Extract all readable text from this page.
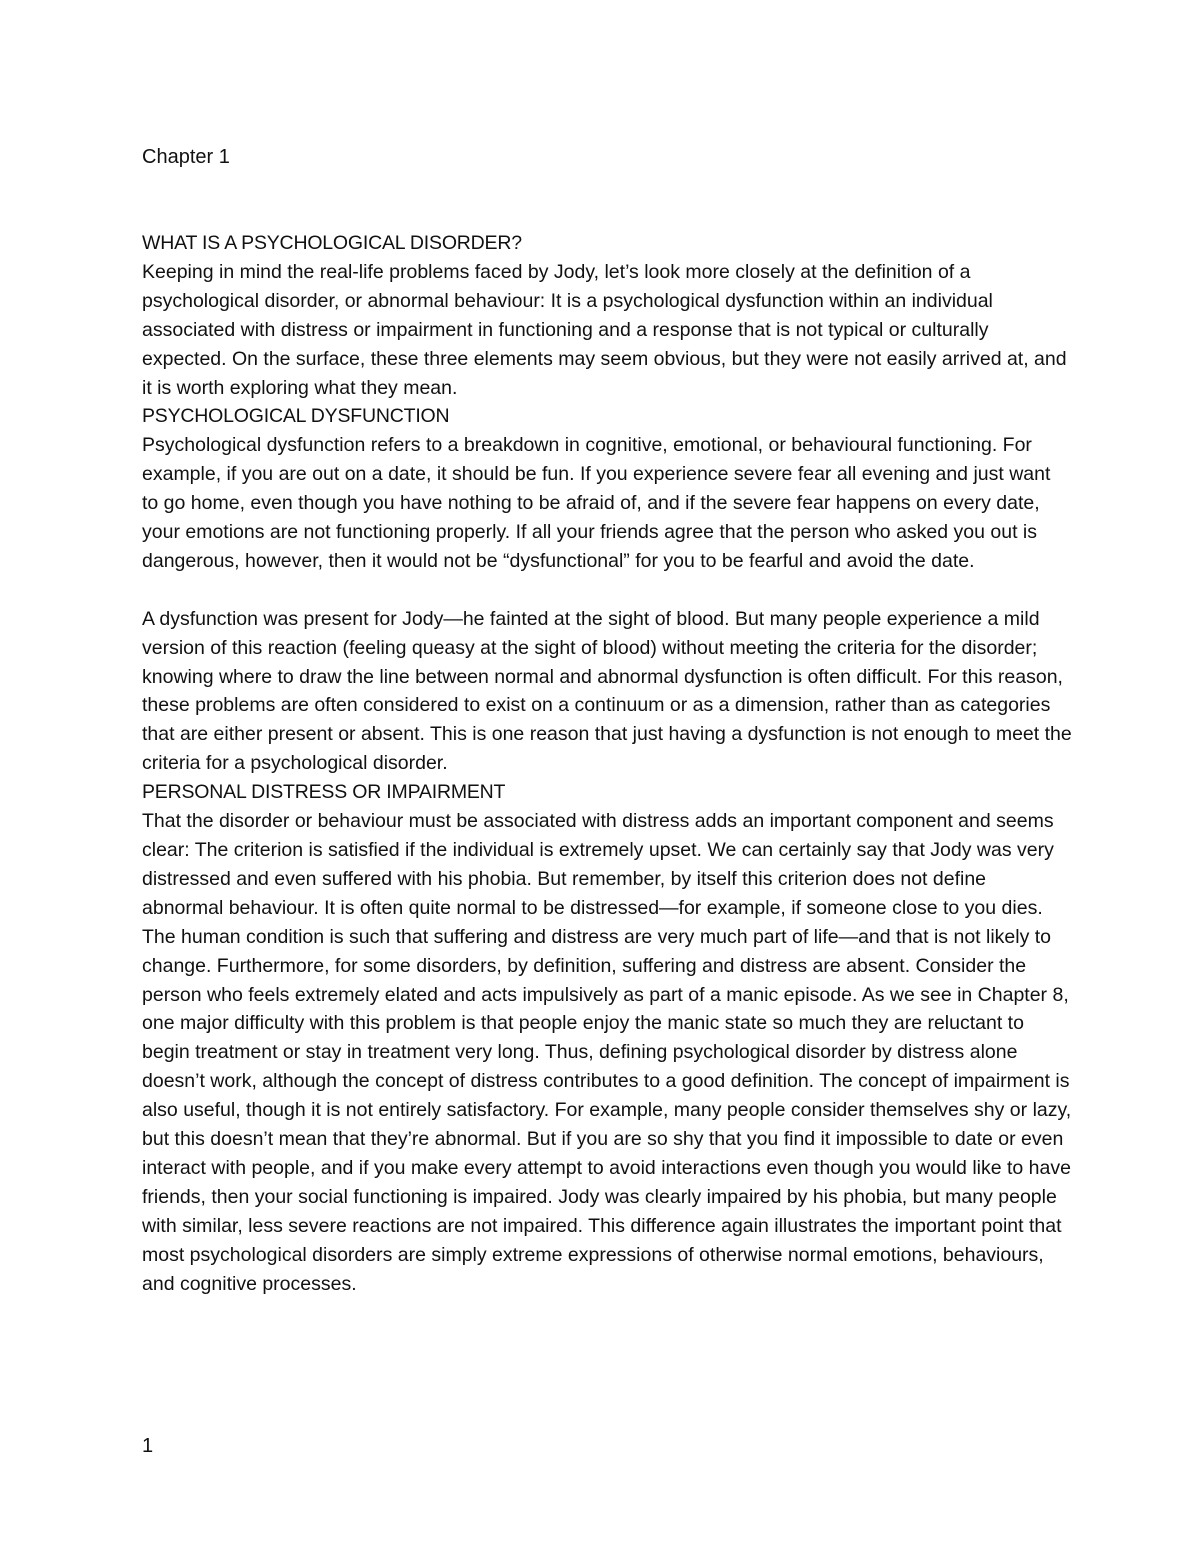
Chapter 1

WHAT IS A PSYCHOLOGICAL DISORDER?

Keeping in mind the real-life problems faced by Jody, let’s look more closely at the definition of a psychological disorder, or abnormal behaviour: It is a psychological dysfunction within an individual associated with distress or impairment in functioning and a response that is not typical or culturally expected. On the surface, these three elements may seem obvious, but they were not easily arrived at, and it is worth exploring what they mean.

PSYCHOLOGICAL DYSFUNCTION

Psychological dysfunction refers to a breakdown in cognitive, emotional, or behavioural functioning. For example, if you are out on a date, it should be fun. If you experience severe fear all evening and just want to go home, even though you have nothing to be afraid of, and if the severe fear happens on every date, your emotions are not functioning properly. If all your friends agree that the person who asked you out is dangerous, however, then it would not be “dysfunctional” for you to be fearful and avoid the date.

A dysfunction was present for Jody—he fainted at the sight of blood. But many people experience a mild version of this reaction (feeling queasy at the sight of blood) without meeting the criteria for the disorder; knowing where to draw the line between normal and abnormal dysfunction is often difficult. For this reason, these problems are often considered to exist on a continuum or as a dimension, rather than as categories that are either present or absent. This is one reason that just having a dysfunction is not enough to meet the criteria for a psychological disorder.

PERSONAL DISTRESS OR IMPAIRMENT

That the disorder or behaviour must be associated with distress adds an important component and seems clear: The criterion is satisfied if the individual is extremely upset. We can certainly say that Jody was very distressed and even suffered with his phobia. But remember, by itself this criterion does not define abnormal behaviour. It is often quite normal to be distressed—for example, if someone close to you dies. The human condition is such that suffering and distress are very much part of life—and that is not likely to change. Furthermore, for some disorders, by definition, suffering and distress are absent. Consider the person who feels extremely elated and acts impulsively as part of a manic episode. As we see in Chapter 8, one major difficulty with this problem is that people enjoy the manic state so much they are reluctant to begin treatment or stay in treatment very long. Thus, defining psychological disorder by distress alone doesn’t work, although the concept of distress contributes to a good definition. The concept of impairment is also useful, though it is not entirely satisfactory. For example, many people consider themselves shy or lazy, but this doesn’t mean that they’re abnormal. But if you are so shy that you find it impossible to date or even interact with people, and if you make every attempt to avoid interactions even though you would like to have friends, then your social functioning is impaired. Jody was clearly impaired by his phobia, but many people with similar, less severe reactions are not impaired. This difference again illustrates the important point that most psychological disorders are simply extreme expressions of otherwise normal emotions, behaviours, and cognitive processes.

1
